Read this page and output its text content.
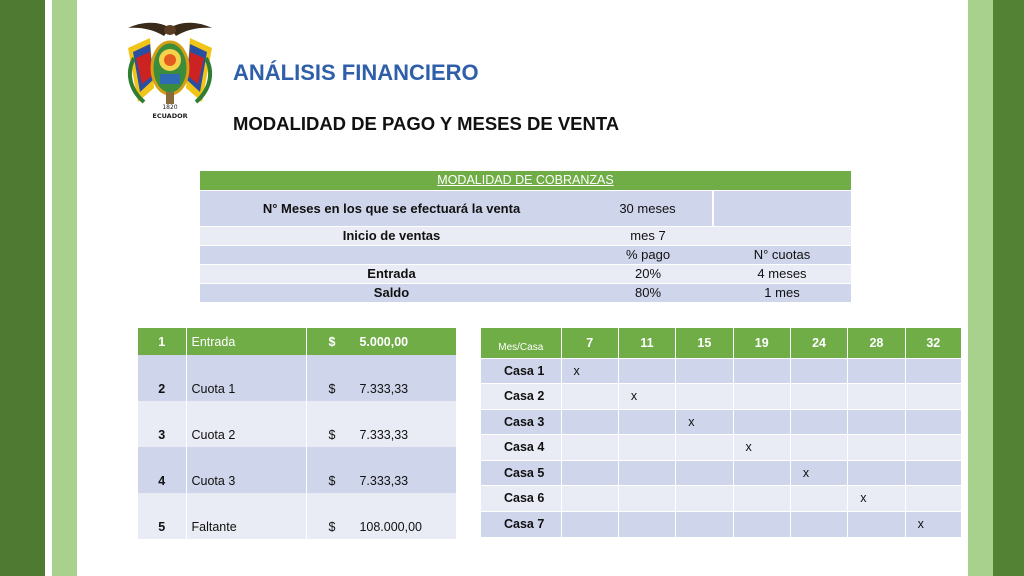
1820
ECUADOR
ANÁLISIS FINANCIERO
MODALIDAD DE PAGO Y MESES DE VENTA
MODALIDAD DE COBRANZAS		
N° Meses en los que se efectuará la venta	30 meses	
Inicio de ventas	mes 7	
	% pago	N° cuotas
Entrada	20%	4 meses
Saldo	80%	1 mes
1	Entrada	$	5.000,00
2	Cuota 1	$	7.333,33
3	Cuota 2	$	7.333,33
4	Cuota 3	$	7.333,33
5	Faltante	$	108.000,00
Mes/Casa	7	11	15	19	24	28	32
Casa 1	x						
Casa 2		x					
Casa 3			x				
Casa 4				x			
Casa 5					x		
Casa 6						x	
Casa 7							x
